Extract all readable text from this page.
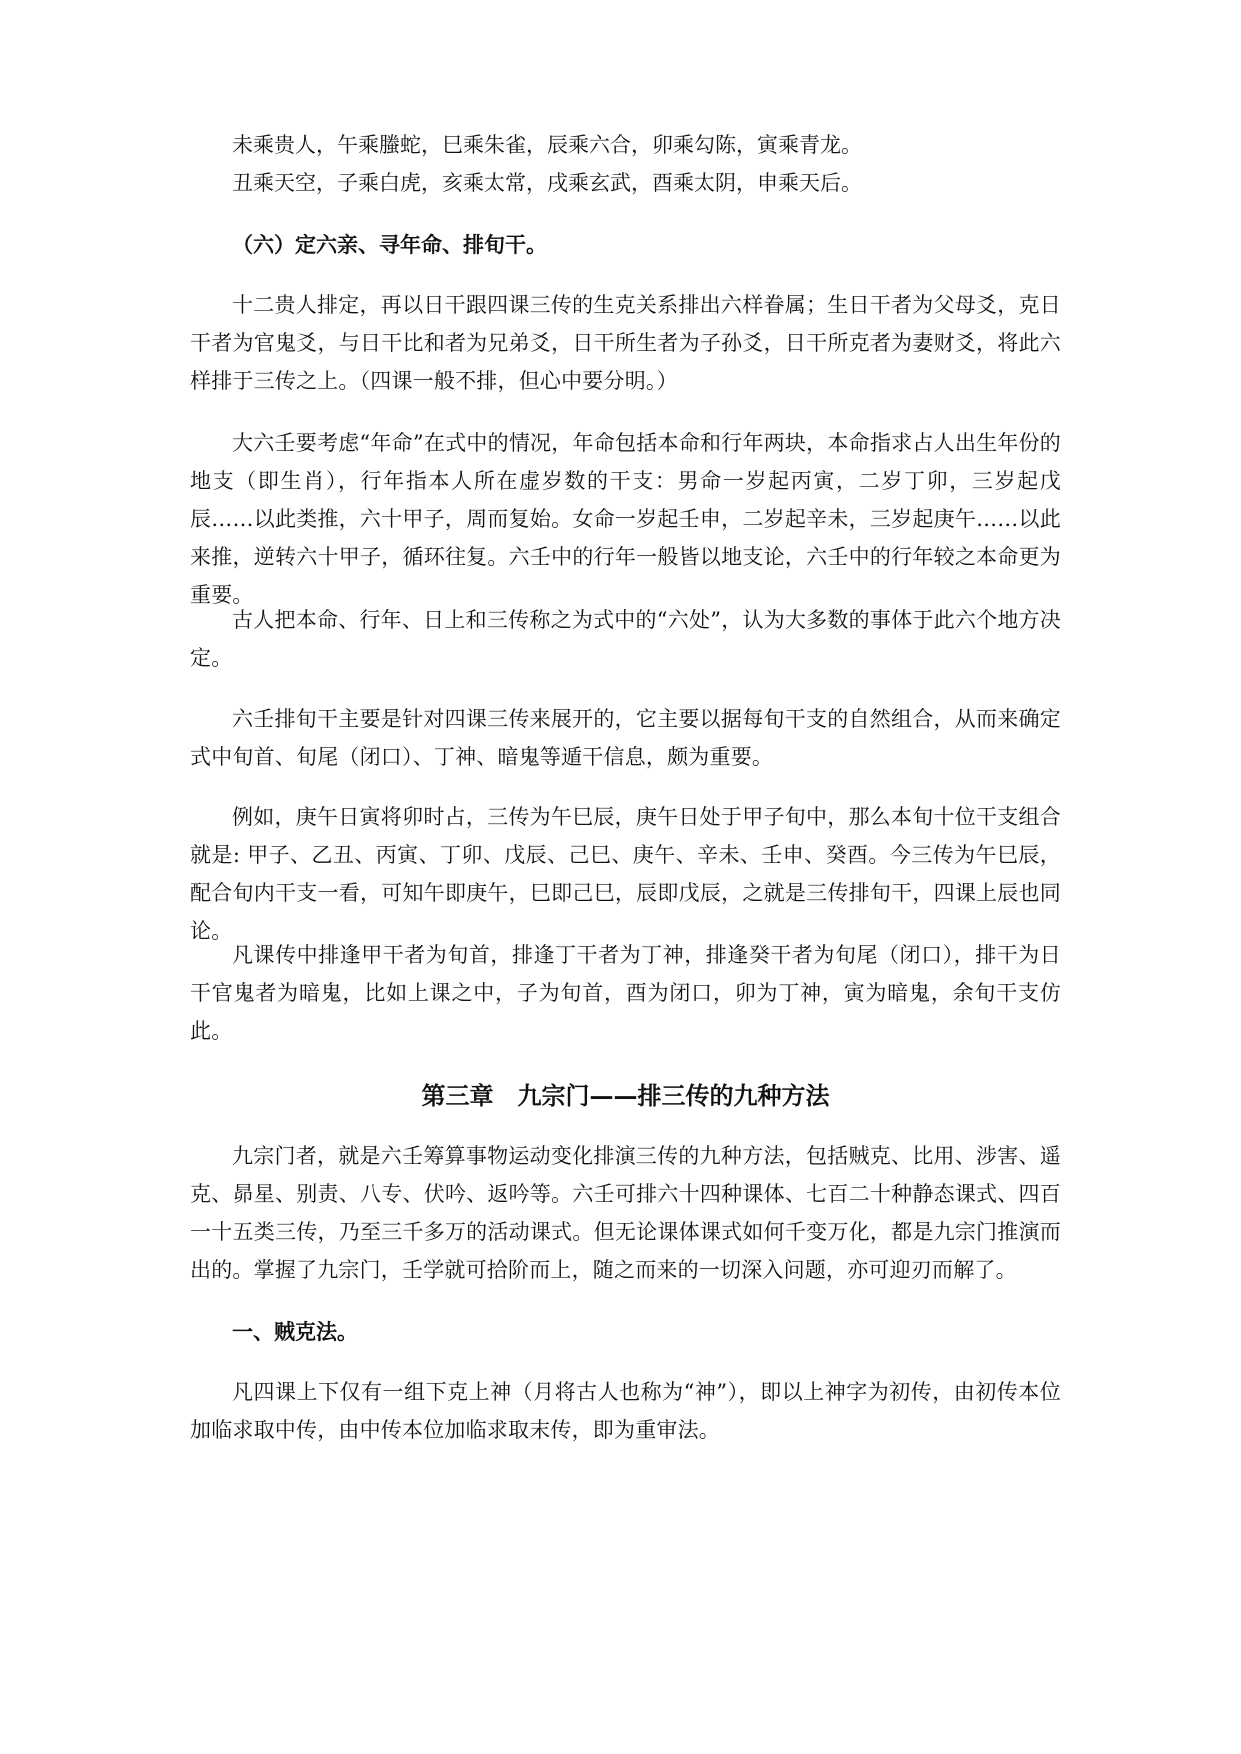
未乘贵人，午乘螣蛇，巳乘朱雀，辰乘六合，卯乘勾陈，寅乘青龙。

丑乘天空，子乘白虎，亥乘太常，戌乘玄武，酉乘太阴，申乘天后。

（六）定六亲、寻年命、排旬干。

十二贵人排定，再以日干跟四课三传的生克关系排出六样眷属；生日干者为父母爻，克日干者为官鬼爻，与日干比和者为兄弟爻，日干所生者为子孙爻，日干所克者为妻财爻，将此六样排于三传之上。（四课一般不排，但心中要分明。）

大六壬要考虑“年命”在式中的情况，年命包括本命和行年两块，本命指求占人出生年份的地支（即生肖），行年指本人所在虚岁数的干支：男命一岁起丙寅，二岁丁卯，三岁起戊辰……以此类推，六十甲子，周而复始。女命一岁起壬申，二岁起辛未，三岁起庚午……以此来推，逆转六十甲子，循环往复。六壬中的行年一般皆以地支论，六壬中的行年较之本命更为重要。

古人把本命、行年、日上和三传称之为式中的“六处”，认为大多数的事体于此六个地方决定。

六壬排旬干主要是针对四课三传来展开的，它主要以据每旬干支的自然组合，从而来确定式中旬首、旬尾（闭口）、丁神、暗鬼等遁干信息，颇为重要。

例如，庚午日寅将卯时占，三传为午巳辰，庚午日处于甲子旬中，那么本旬十位干支组合就是: 甲子、乙丑、丙寅、丁卯、戊辰、己巳、庚午、辛未、壬申、癸酉。今三传为午巳辰，配合旬内干支一看，可知午即庚午，巳即己巳，辰即戊辰，之就是三传排旬干，四课上辰也同论。

凡课传中排逢甲干者为旬首，排逢丁干者为丁神，排逢癸干者为旬尾（闭口），排干为日干官鬼者为暗鬼，比如上课之中，子为旬首，酉为闭口，卯为丁神，寅为暗鬼，余旬干支仿此。

第三章　九宗门——排三传的九种方法

九宗门者，就是六壬筹算事物运动变化排演三传的九种方法，包括贼克、比用、涉害、遥克、昴星、别责、八专、伏吟、返吟等。六壬可排六十四种课体、七百二十种静态课式、四百一十五类三传，乃至三千多万的活动课式。但无论课体课式如何千变万化，都是九宗门推演而出的。掌握了九宗门，壬学就可拾阶而上，随之而来的一切深入问题，亦可迎刃而解了。

一、贼克法。

凡四课上下仅有一组下克上神（月将古人也称为“神”），即以上神字为初传，由初传本位加临求取中传，由中传本位加临求取末传，即为重审法。
